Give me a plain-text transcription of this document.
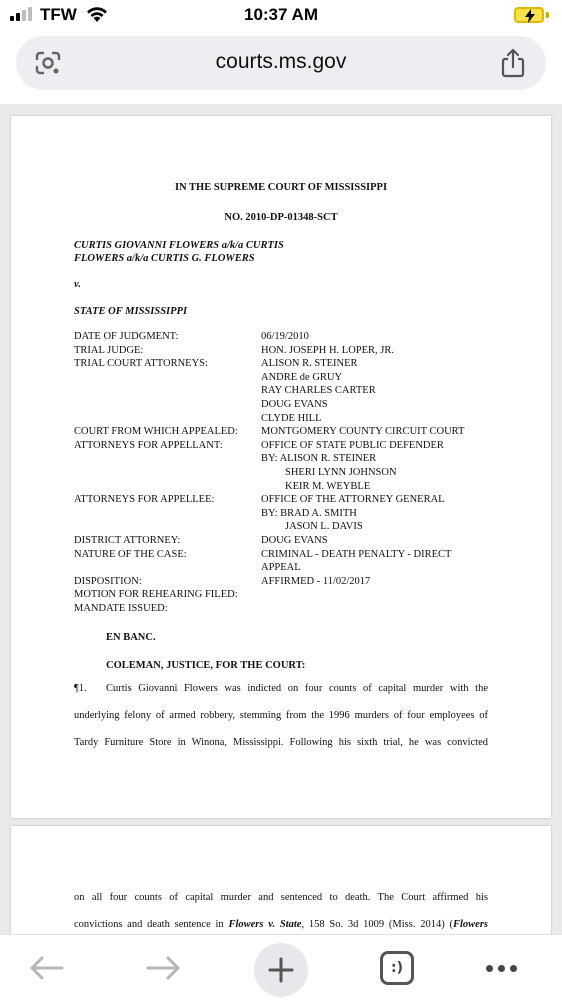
TFW	10:37 AM
courts.ms.gov
IN THE SUPREME COURT OF MISSISSIPPI
NO. 2010-DP-01348-SCT
CURTIS GIOVANNI FLOWERS a/k/a CURTIS
FLOWERS a/k/a CURTIS G. FLOWERS
v.
STATE OF MISSISSIPPI
DATE OF JUDGMENT:	06/19/2010
TRIAL JUDGE:	HON. JOSEPH H. LOPER, JR.
TRIAL COURT ATTORNEYS:	ALISON R. STEINER
ANDRE de GRUY
RAY CHARLES CARTER
DOUG EVANS
CLYDE HILL
COURT FROM WHICH APPEALED:	MONTGOMERY COUNTY CIRCUIT COURT
ATTORNEYS FOR APPELLANT:	OFFICE OF STATE PUBLIC DEFENDER
BY: ALISON R. STEINER
SHERI LYNN JOHNSON
KEIR M. WEYBLE
ATTORNEYS FOR APPELLEE:	OFFICE OF THE ATTORNEY GENERAL
BY: BRAD A. SMITH
JASON L. DAVIS
DISTRICT ATTORNEY:	DOUG EVANS
NATURE OF THE CASE:	CRIMINAL - DEATH PENALTY - DIRECT
APPEAL
DISPOSITION:	AFFIRMED - 11/02/2017
MOTION FOR REHEARING FILED:
MANDATE ISSUED:
EN BANC.
COLEMAN, JUSTICE, FOR THE COURT:
¶1.	Curtis Giovanni Flowers was indicted on four counts of capital murder with the
underlying felony of armed robbery, stemming from the 1996 murders of four employees of
Tardy Furniture Store in Winona, Mississippi. Following his sixth trial, he was convicted
on all four counts of capital murder and sentenced to death. The Court affirmed his
convictions and death sentence in Flowers v. State, 158 So. 3d 1009 (Miss. 2014) (Flowers
:)
